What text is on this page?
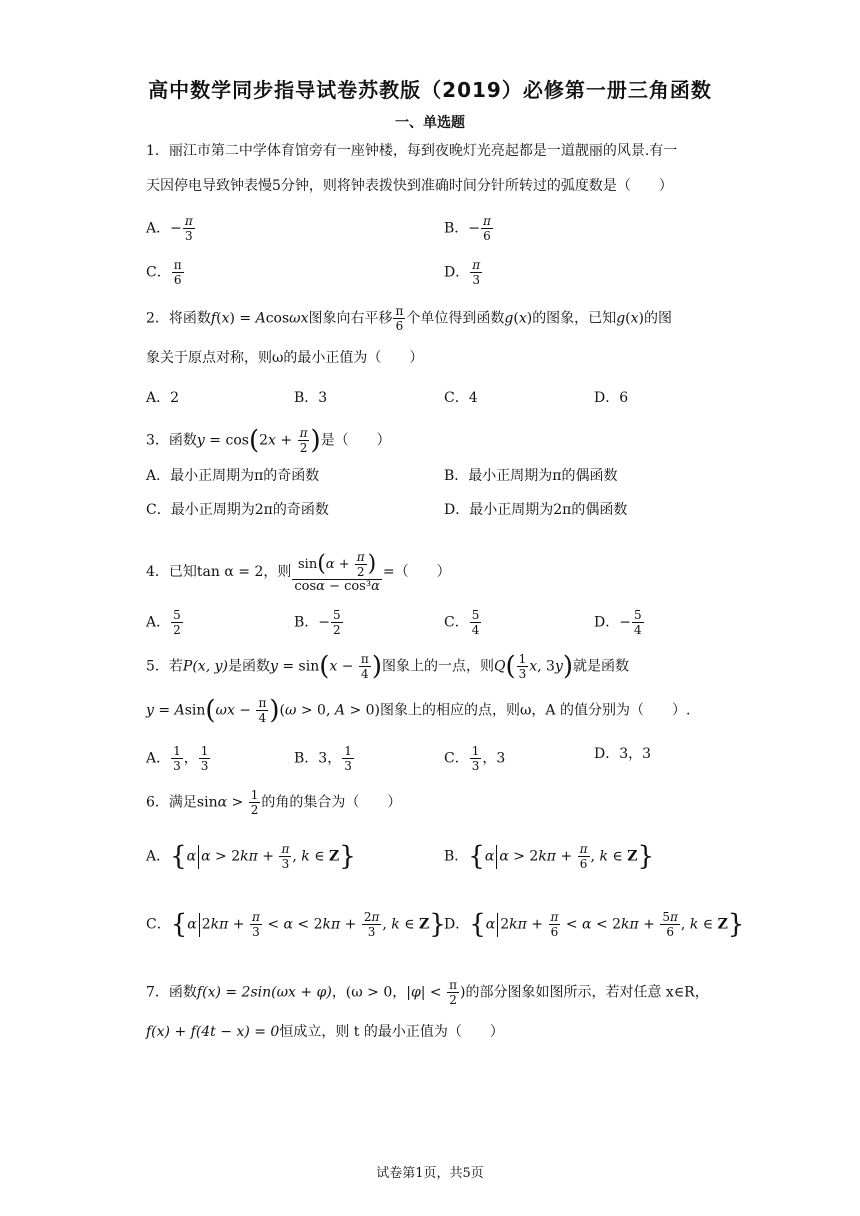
高中数学同步指导试卷苏教版（2019）必修第一册三角函数
一、单选题
1．丽江市第二中学体育馆旁有一座钟楼，每到夜晚灯光亮起都是一道靓丽的风景.有一
天因停电导致钟表慢5分钟，则将钟表拨快到准确时间分针所转过的弧度数是（　　）
A．− $\frac{\pi}{3}$	B．− $\frac{\pi}{6}$
C． $\frac{\pi}{6}$	D． $\frac{\pi}{3}$
2．将函数f(x) = Acosωx图象向右平移 $\frac{\pi}{6}$ 个单位得到函数g(x)的图象，已知g(x)的图
象关于原点对称，则ω的最小正值为（　　）
A．2	B．3	C．4	D．6
3．函数$y = \cos(2x + \frac{\pi}{2}$ )是（　　）
A．最小正周期为π的奇函数	B．最小正周期为π的偶函数
C．最小正周期为2π的奇函数	D．最小正周期为2π的偶函数
4．已知tan α = 2，则 $\frac{\sin(\alpha + \frac{\pi}{2} )}{\text{cosα − cos³α}}$ =（　　）
A． $\frac{5}{2}$	B．− $\frac{5}{2}$	C． $\frac{5}{4}$	D．− $\frac{5}{4}$
5．若P(x, y)是函数$y = \sin(x - \frac{\pi}{4}$ )图象上的一点，则$Q( \frac{1}{3} x$, 3y)就是函数
$y = Asin(\omega x - \frac{\pi}{4} )(\omega > 0$, A > 0)图象上的相应的点，则ω，A 的值分别为（　　）.
A． $\frac{1}{3}$ ， $\frac{1}{3}$	B．3， $\frac{1}{3}$	C． $\frac{1}{3}$ ，3	D．3，3
6．满足$\sin\alpha > \frac{1}{2}$ 的角的集合为（　　）
A．{α $\alpha > 2k\pi + \frac{\pi}{3}$ , k ∈ Z}	B．{α $\alpha > 2k\pi + \frac{\pi}{6}$ , k ∈ Z}
C．{α $2k\pi + \frac{\pi}{3} < \alpha < 2k\pi + \frac{2\pi}{3}$ , k ∈ Z}
D．{α $2k\pi + \frac{\pi}{6} < \alpha < 2k\pi + \frac{5\pi}{6}$ , k ∈ Z}
7．函数f(x) = 2sin(ωx + φ)，(ω > 0，$|\varphi| < \frac{\pi}{2}$ )的部分图象如图所示，若对任意 x∈R，
f(x) + f(4t − x) = 0恒成立，则 t 的最小正值为（　　）
试卷第1页，共5页
